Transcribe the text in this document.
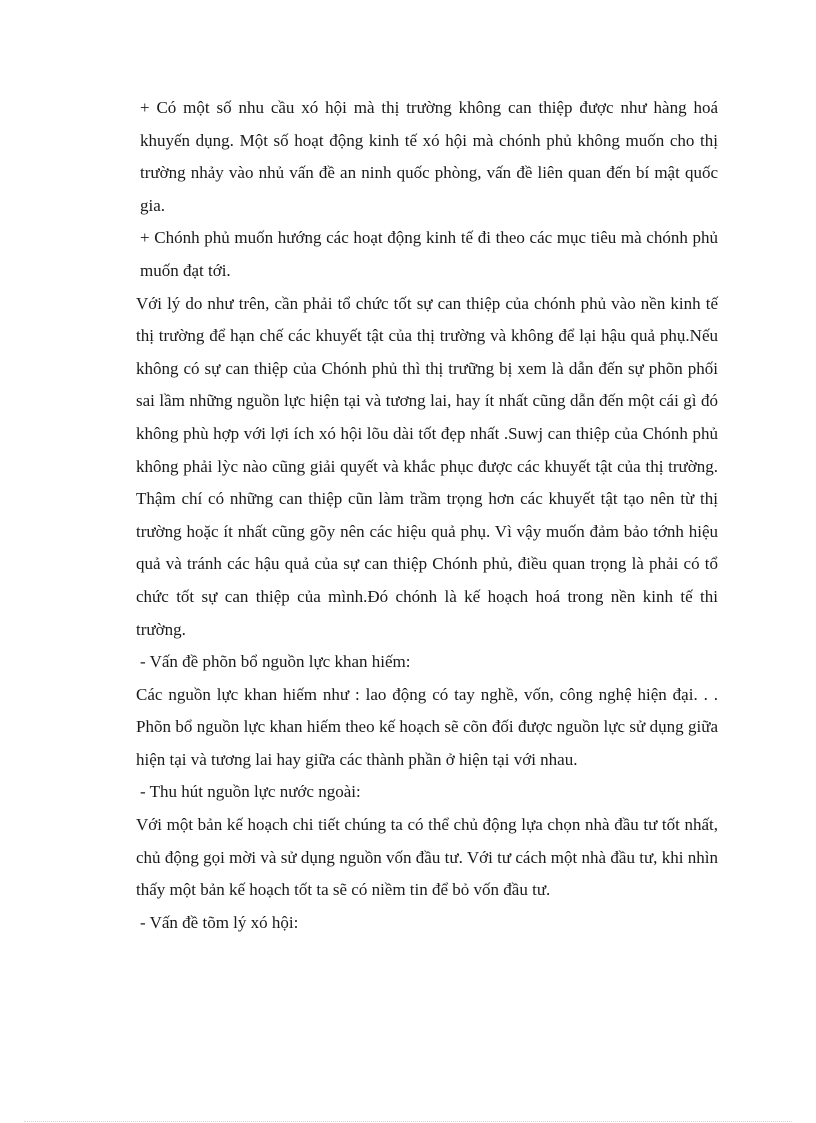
+ Có một số nhu cầu xó hội mà thị trường không can thiệp được như hàng hoá khuyến dụng. Một số hoạt động kinh tế xó hội mà chónh phủ không muốn cho thị trường nhảy vào nhủ vấn đề an ninh quốc phòng, vấn đề liên quan đến bí mật quốc gia.

+ Chónh phủ muốn hướng các hoạt động kinh tế đi theo các mục tiêu mà chónh phủ muốn đạt tới.

Với lý do như trên, cần phải tổ chức tốt sự can thiệp của chónh phủ vào nền kinh tế thị trường để hạn chế các khuyết tật của thị trường và không để lại hậu quả phụ.Nếu không có sự can thiệp của Chónh phủ thì thị trưững bị xem là dẫn đến sự phõn phối sai lầm những nguồn lực hiện tại và tương lai, hay ít nhất cũng dẫn đến một cái gì đó không phù hợp với lợi ích xó hội lõu dài tốt đẹp nhất .Suwj can thiệp của Chónh phủ không phải lỳc nào cũng giải quyết và khắc phục được các khuyết tật của thị trường. Thậm chí có những can thiệp cũn làm trầm trọng hơn các khuyết tật tạo nên từ thị trường hoặc ít nhất cũng gõy nên các hiệu quả phụ. Vì vậy muốn đảm bảo tớnh hiệu quả và tránh các hậu quả của sự can thiệp Chónh phủ, điều quan trọng là phải có tổ chức tốt sự can thiệp của mình.Đó chónh là kế hoạch hoá trong nền kinh tế thi trường.

- Vấn đề phõn bổ nguồn lực khan hiếm:

Các nguồn lực khan hiếm như : lao động có tay nghề, vốn, công nghệ hiện đại. . . Phõn bổ nguồn lực khan hiếm theo kế hoạch sẽ cõn đối được nguồn lực sử dụng giữa hiện tại và tương lai hay giữa các thành phần ở hiện tại với nhau.

- Thu hút nguồn lực nước ngoài:

Với một bản kế hoạch chi tiết chúng ta có thể chủ động lựa chọn nhà đầu tư tốt nhất, chủ động gọi mời và sử dụng nguồn vốn đầu tư. Với tư cách một nhà đầu tư, khi nhìn thấy một bản kế hoạch tốt ta sẽ có niềm tin để bỏ vốn đầu tư.

- Vấn đề tõm lý xó hội:
